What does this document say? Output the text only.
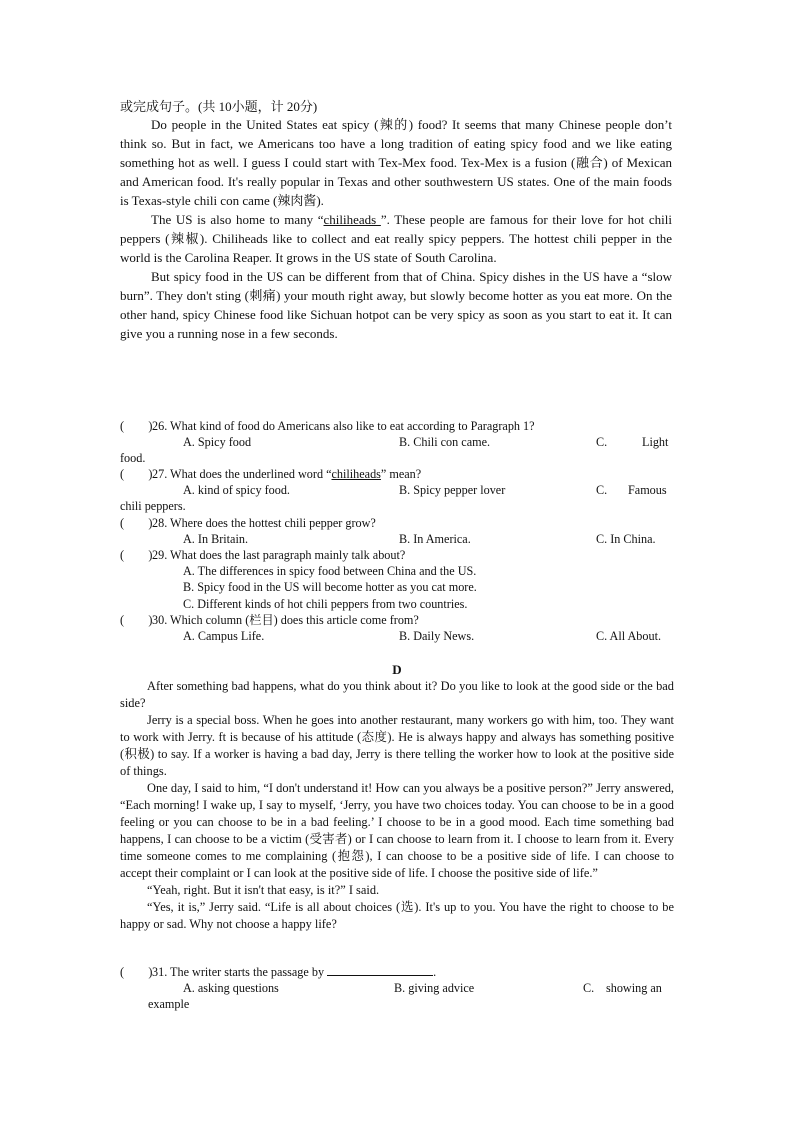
或完成句子。(共 10小题，计 20分)

Do people in the United States eat spicy (辣的) food? It seems that many Chinese people don’t think so. But in fact, we Americans too have a long tradition of eating spicy food and we like eating something hot as well. I guess I could start with Tex-Mex food. Tex-Mex is a fusion (融合) of Mexican and American food. It's really popular in Texas and other southwestern US states. One of the main foods is Texas-style chili con came (辣肉酱).

The US is also home to many “chiliheads ”. These people are famous for their love for hot chili peppers (辣椒). Chiliheads like to collect and eat really spicy peppers. The hottest chili pepper in the world is the Carolina Reaper. It grows in the US state of South Carolina.

But spicy food in the US can be different from that of China. Spicy dishes in the US have a “slow burn”. They don't sting (刺痛) your mouth right away, but slowly become hotter as you eat more. On the other hand, spicy Chinese food like Sichuan hotpot can be very spicy as soon as you start to eat it. It can give you a running nose in a few seconds.

(　　) 26. What kind of food do Americans also like to eat according to Paragraph 1?
A. Spicy food	B. Chili con came.	C.	Light
food.
(　　) 27. What does the underlined word “chiliheads” mean?
A. kind of spicy food.	B. Spicy pepper lover	C. Famous
chili peppers.
(　　) 28. Where does the hottest chili pepper grow?
A. In Britain.	B. In America.	C. In China.
(　　) 29. What does the last paragraph mainly talk about?
A. The differences in spicy food between China and the US.
B. Spicy food in the US will become hotter as you cat more.
C. Different kinds of hot chili peppers from two countries.
(　　) 30. Which column (栏目) does this article come from?
A. Campus Life.	B. Daily News.	C. All About.
D

After something bad happens, what do you think about it? Do you like to look at the good side or the bad side?

Jerry is a special boss. When he goes into another restaurant, many workers go with him, too. They want to work with Jerry. ft is because of his attitude (态度). He is always happy and always has something positive (积极) to say. If a worker is having a bad day, Jerry is there telling the worker how to look at the positive side of things.

One day, I said to him, “I don't understand it! How can you always be a positive person?” Jerry answered, “Each morning! I wake up, I say to myself, ‘Jerry, you have two choices today. You can choose to be in a good feeling or you can choose to be in a bad feeling.’ I choose to be in a good mood. Each time something bad happens, I can choose to be a victim (受害者) or I can choose to learn from it. I choose to learn from it. Every time someone comes to me complaining (抱怨), I can choose to be a positive side of life. I can choose to accept their complaint or I can look at the positive side of life. I choose the positive side of life.”

“Yeah, right. But it isn't that easy, is it?” I said.

“Yes, it is,” Jerry said. “Life is all about choices (选). It's up to you. You have the right to choose to be happy or sad. Why not choose a happy life?

(　　) 31. The writer starts the passage by	.
A. asking questions	B. giving advice	C. showing an
example
